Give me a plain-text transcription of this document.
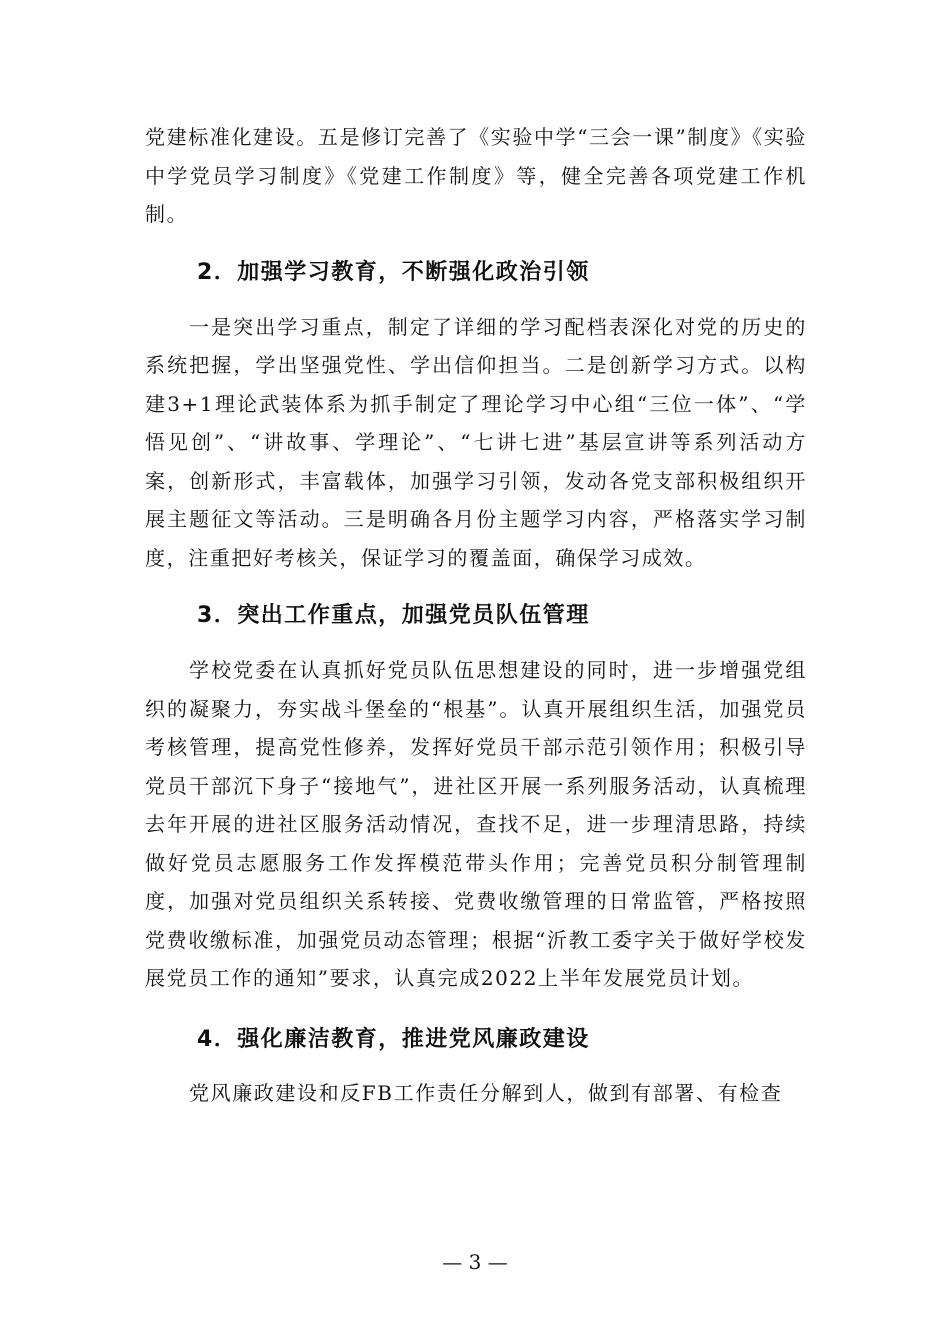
党建标准化建设。五是修订完善了《实验中学“三会一课”制度》《实验中学党员学习制度》《党建工作制度》等，健全完善各项党建工作机制。

2．加强学习教育，不断强化政治引领

一是突出学习重点，制定了详细的学习配档表深化对党的历史的系统把握，学出坚强党性、学出信仰担当。二是创新学习方式。以构建3+1理论武装体系为抓手制定了理论学习中心组“三位一体”、“学悟见创”、“讲故事、学理论”、“七讲七进”基层宣讲等系列活动方案，创新形式，丰富载体，加强学习引领，发动各党支部积极组织开展主题征文等活动。三是明确各月份主题学习内容，严格落实学习制度，注重把好考核关，保证学习的覆盖面，确保学习成效。

3．突出工作重点，加强党员队伍管理

学校党委在认真抓好党员队伍思想建设的同时，进一步增强党组织的凝聚力，夯实战斗堡垒的“根基”。认真开展组织生活，加强党员考核管理，提高党性修养，发挥好党员干部示范引领作用；积极引导党员干部沉下身子“接地气”，进社区开展一系列服务活动，认真梳理去年开展的进社区服务活动情况，查找不足，进一步理清思路，持续做好党员志愿服务工作发挥模范带头作用；完善党员积分制管理制度，加强对党员组织关系转接、党费收缴管理的日常监管，严格按照党费收缴标准，加强党员动态管理；根据“沂教工委字关于做好学校发展党员工作的通知”要求，认真完成2022上半年发展党员计划。

4．强化廉洁教育，推进党风廉政建设

党风廉政建设和反FB工作责任分解到人，做到有部署、有检查

— 3 —
